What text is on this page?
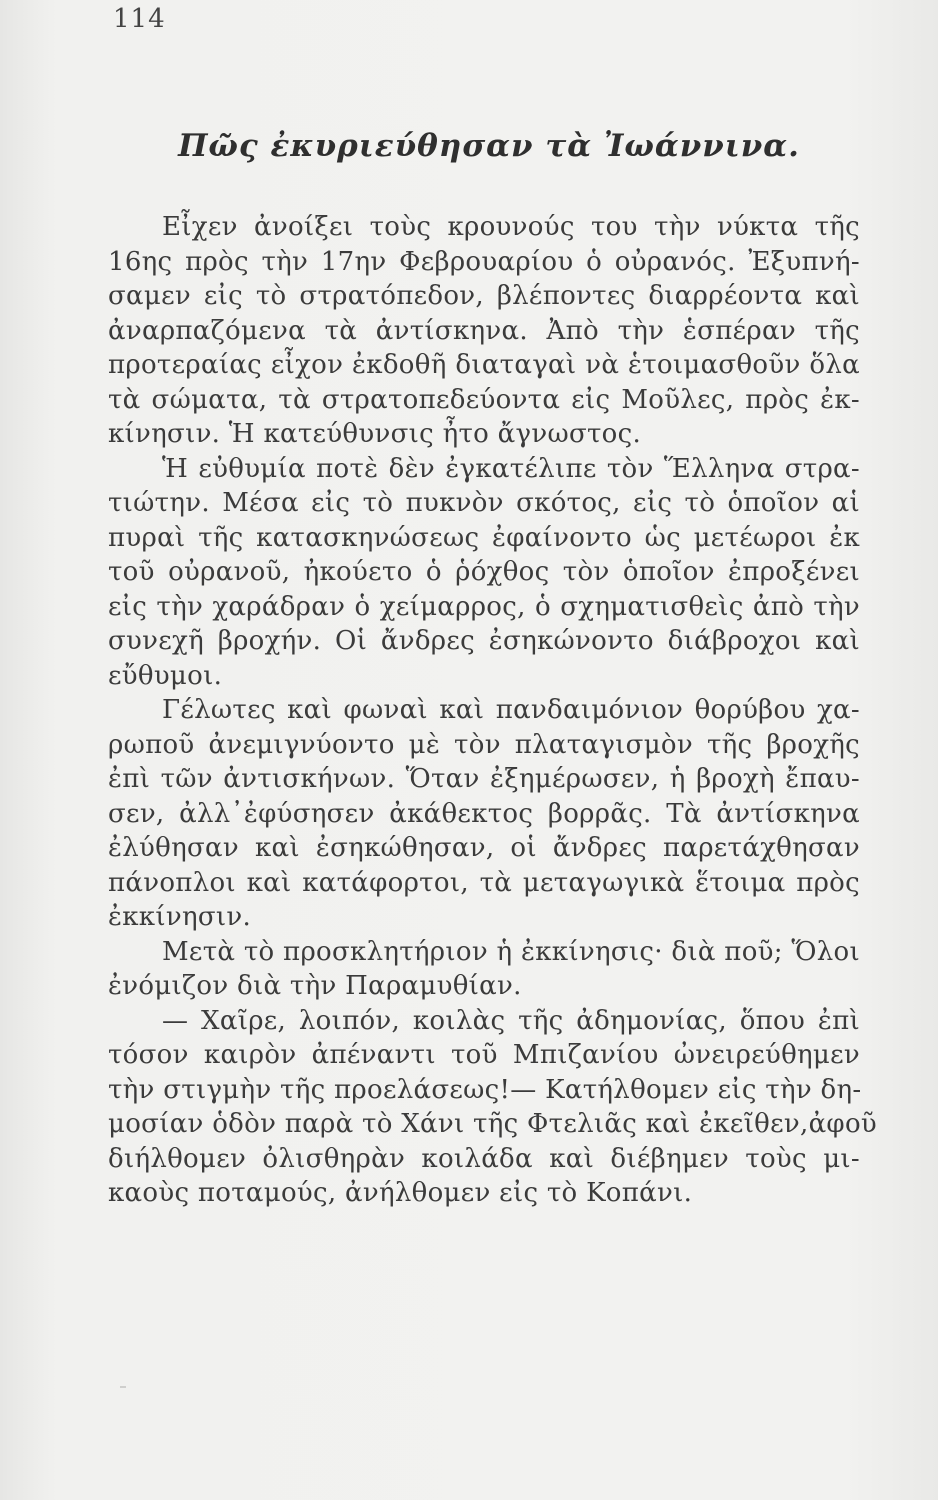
114
Πῶς ἐκυριεύθησαν τὰ Ἰωάννινα.
Εἶχεν ἀνοίξει τοὺς κρουνούς του τὴν νύκτα τῆς
16ης πρὸς τὴν 17ην Φεβρουαρίου ὁ οὐρανός. Ἐξυπνή-
σαμεν εἰς τὸ στρατόπεδον, βλέποντες διαρρέοντα καὶ
ἀναρπαζόμενα τὰ ἀντίσκηνα. Ἀπὸ τὴν ἑσπέραν τῆς
προτεραίας εἶχον ἐκδοθῆ διαταγαὶ νὰ ἑτοιμασθοῦν ὅλα
τὰ σώματα, τὰ στρατοπεδεύοντα εἰς Μοῦλες, πρὸς ἐκ-
κίνησιν. Ἡ κατεύθυνσις ἦτο ἄγνωστος.
Ἡ εὐθυμία ποτὲ δὲν ἐγκατέλιπε τὸν Ἕλληνα στρα-
τιώτην. Μέσα εἰς τὸ πυκνὸν σκότος, εἰς τὸ ὁποῖον αἱ
πυραὶ τῆς κατασκηνώσεως ἐφαίνοντο ὡς μετέωροι ἐκ
τοῦ οὐρανοῦ, ἠκούετο ὁ ῥόχθος τὸν ὁποῖον ἐπροξένει
εἰς τὴν χαράδραν ὁ χείμαρρος, ὁ σχηματισθεὶς ἀπὸ τὴν
συνεχῆ βροχήν. Οἱ ἄνδρες ἐσηκώνοντο διάβροχοι καὶ
εὔθυμοι.
Γέλωτες καὶ φωναὶ καὶ πανδαιμόνιον θορύβου χα-
ρωποῦ ἀνεμιγνύοντο μὲ τὸν πλαταγισμὸν τῆς βροχῆς
ἐπὶ τῶν ἀντισκήνων. Ὅταν ἐξημέρωσεν, ἡ βροχὴ ἔπαυ-
σεν, ἀλλ᾽ἐφύσησεν ἀκάθεκτος βορρᾶς. Τὰ ἀντίσκηνα
ἐλύθησαν καὶ ἐσηκώθησαν, οἱ ἄνδρες παρετάχθησαν
πάνοπλοι καὶ κατάφορτοι, τὰ μεταγωγικὰ ἕτοιμα πρὸς
ἐκκίνησιν.
Μετὰ τὸ προσκλητήριον ἡ ἐκκίνησις· διὰ ποῦ; Ὅλοι
ἐνόμιζον διὰ τὴν Παραμυθίαν.
— Χαῖρε, λοιπόν, κοιλὰς τῆς ἀδημονίας, ὅπου ἐπὶ
τόσον καιρὸν ἀπέναντι τοῦ Μπιζανίου ὠνειρεύθημεν
τὴν στιγμὴν τῆς προελάσεως!— Κατήλθομεν εἰς τὴν δη-
μοσίαν ὁδὸν παρὰ τὸ Χάνι τῆς Φτελιᾶς καὶ ἐκεῖθεν,ἀφοῦ
διήλθομεν ὀλισθηρὰν κοιλάδα καὶ διέβημεν τοὺς μι-
καοὺς ποταμούς, ἀνήλθομεν εἰς τὸ Κοπάνι.
